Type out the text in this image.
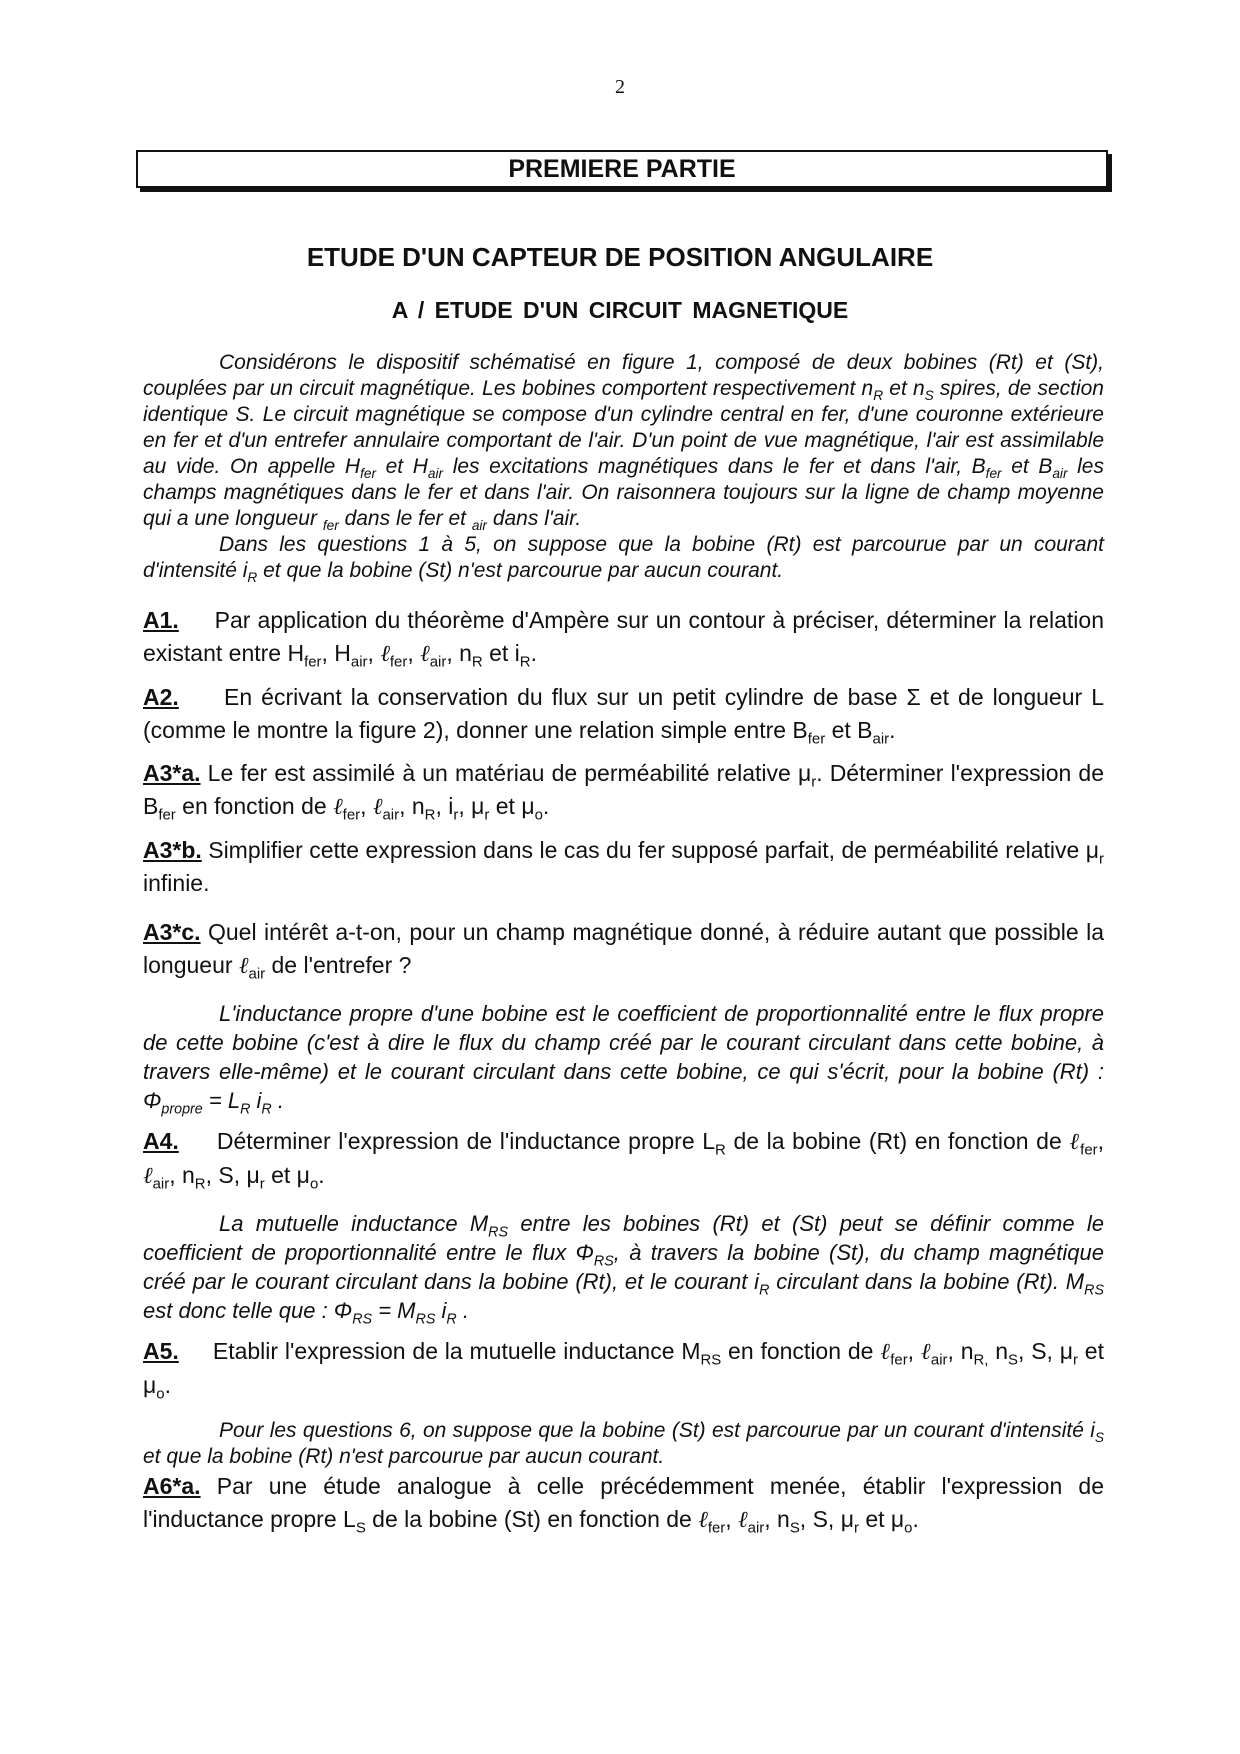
2
PREMIERE PARTIE
ETUDE D'UN CAPTEUR DE POSITION ANGULAIRE
A / ETUDE D'UN CIRCUIT MAGNETIQUE

Considérons le dispositif schématisé en figure 1, composé de deux bobines (Rt) et (St), couplées par un circuit magnétique. Les bobines comportent respectivement $n_R$ et $n_S$ spires, de section identique S. Le circuit magnétique se compose d'un cylindre central en fer, d'une couronne extérieure en fer et d'un entrefer annulaire comportant de l'air. D'un point de vue magnétique, l'air est assimilable au vide. On appelle $H_{fer}$ et $H_{air}$ les excitations magnétiques dans le fer et dans l'air, $B_{fer}$ et $B_{air}$ les champs magnétiques dans le fer et dans l'air. On raisonnera toujours sur la ligne de champ moyenne qui a une longueur $_{fer}$ dans le fer et $_{air}$ dans l'air.

Dans les questions 1 à 5, on suppose que la bobine (Rt) est parcourue par un courant d'intensité $i_R$ et que la bobine (St) n'est parcourue par aucun courant.

A1. Par application du théorème d'Ampère sur un contour à préciser, déterminer la relation existant entre $H_{fer}$, $H_{air}$, ℓ$_{fer}$, ℓ$_{air}$, $n_R$ et $i_R$.

A2. En écrivant la conservation du flux sur un petit cylindre de base Σ et de longueur L (comme le montre la figure 2), donner une relation simple entre $B_{fer}$ et $B_{air}$.

A3*a. Le fer est assimilé à un matériau de perméabilité relative $\mu_r$. Déterminer l'expression de $B_{fer}$ en fonction de ℓ$_{fer}$, ℓ$_{air}$, $n_R$, $i_r$, $\mu_r$ et $\mu_o$.

A3*b. Simplifier cette expression dans le cas du fer supposé parfait, de perméabilité relative $\mu_r$ infinie.

A3*c. Quel intérêt a-t-on, pour un champ magnétique donné, à réduire autant que possible la longueur ℓ$_{air}$ de l'entrefer ?

L'inductance propre d'une bobine est le coefficient de proportionnalité entre le flux propre de cette bobine (c'est à dire le flux du champ créé par le courant circulant dans cette bobine, à travers elle-même) et le courant circulant dans cette bobine, ce qui s'écrit, pour la bobine (Rt) : $\Phi_{propre} = L_R$ $i_R$ .

A4. Déterminer l'expression de l'inductance propre $L_R$ de la bobine (Rt) en fonction de ℓ$_{fer}$, ℓ$_{air}$, $n_R$, S, $\mu_r$ et $\mu_o$.

La mutuelle inductance $M_{RS}$ entre les bobines (Rt) et (St) peut se définir comme le coefficient de proportionnalité entre le flux $\Phi_{RS}$, à travers la bobine (St), du champ magnétique créé par le courant circulant dans la bobine (Rt), et le courant $i_R$ circulant dans la bobine (Rt). $M_{RS}$ est donc telle que : $\Phi_{RS} = M_{RS}$ $i_R$ .

A5. Etablir l'expression de la mutuelle inductance $M_{RS}$ en fonction de ℓ$_{fer}$, ℓ$_{air}$, $n_{R,}$ $n_S$, S, $\mu_r$ et $\mu_o$.

Pour les questions 6, on suppose que la bobine (St) est parcourue par un courant d'intensité $i_S$ et que la bobine (Rt) n'est parcourue par aucun courant.

A6*a. Par une étude analogue à celle précédemment menée, établir l'expression de l'inductance propre $L_S$ de la bobine (St) en fonction de ℓ$_{fer}$, ℓ$_{air}$, $n_S$, S, $\mu_r$ et $\mu_o$.
